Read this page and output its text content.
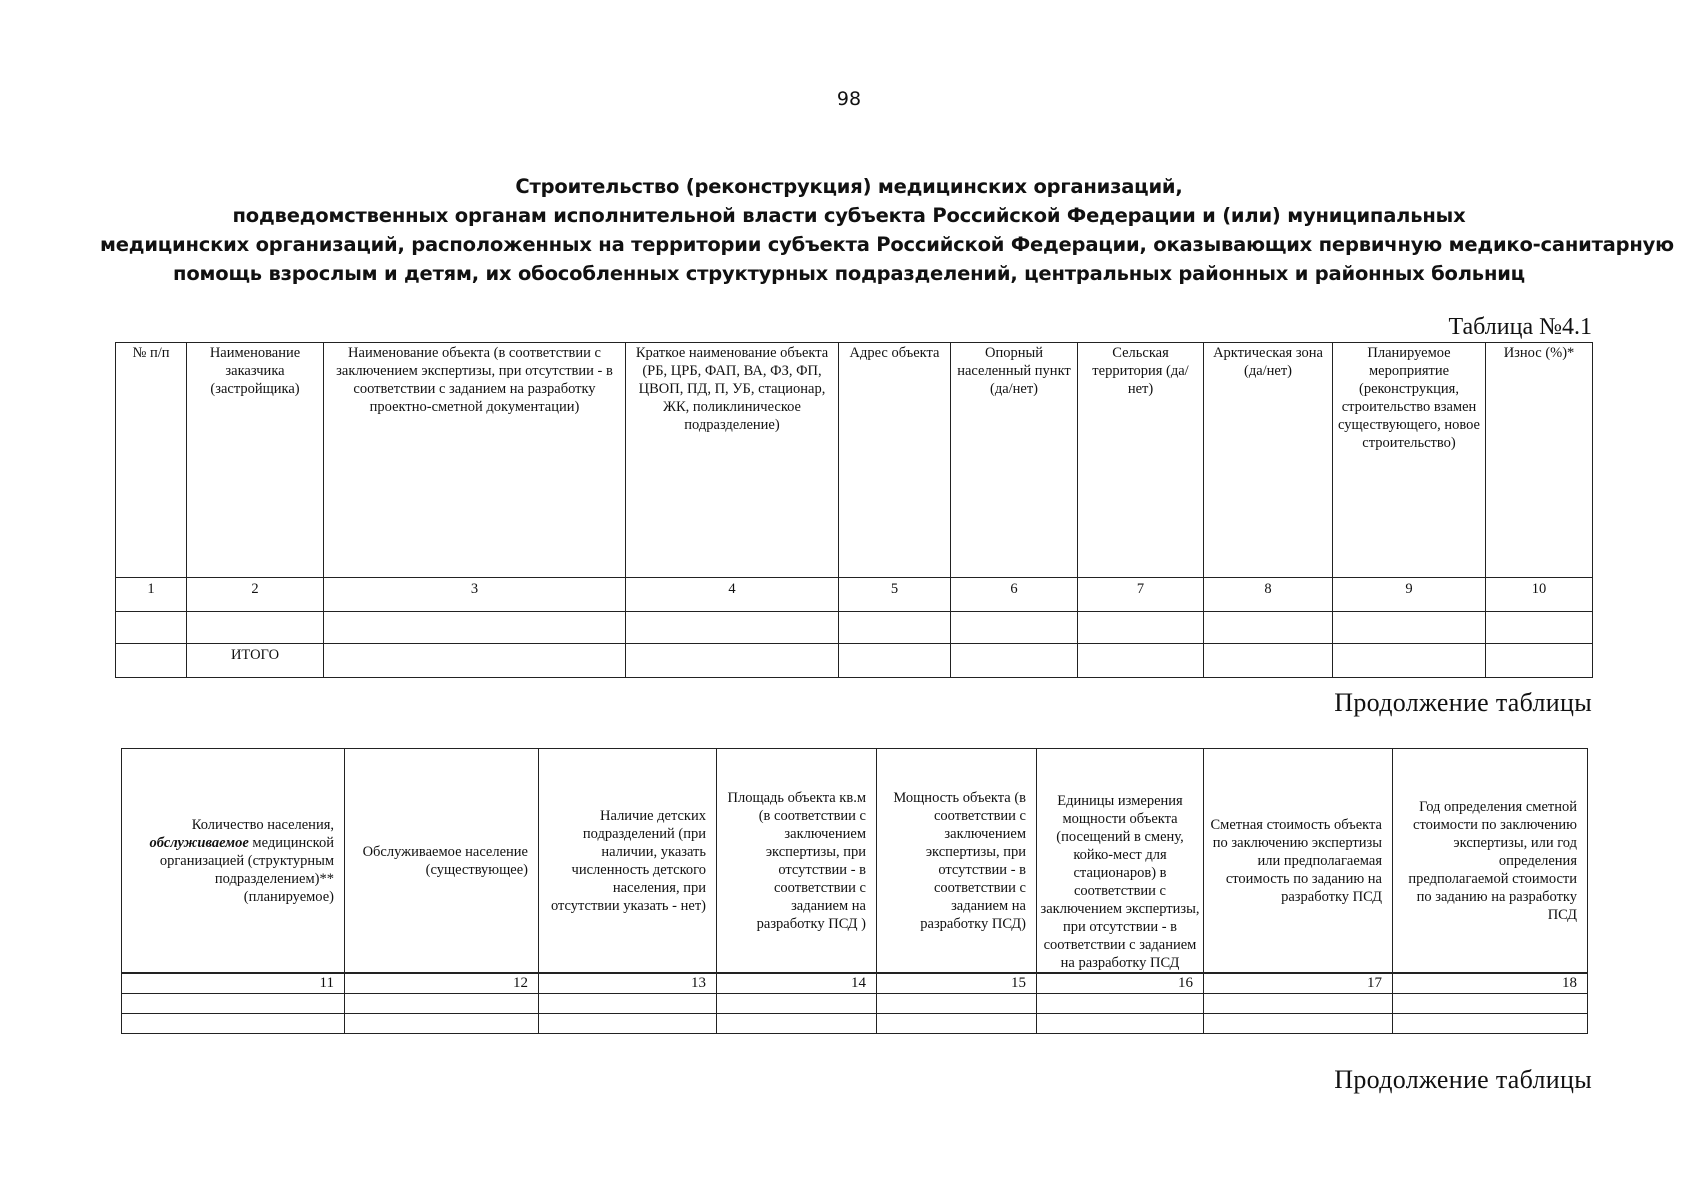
98
Строительство (реконструкция) медицинских организаций,
подведомственных органам исполнительной власти субъекта Российской Федерации и (или) муниципальных
медицинских организаций, расположенных на территории субъекта Российской Федерации, оказывающих первичную медико-санитарную
помощь взрослым и детям, их обособленных структурных подразделений, центральных районных и районных больниц
Таблица №4.1
№ п/п	Наименование заказчика (застройщика)	Наименование объекта (в соответствии с заключением экспертизы, при отсутствии - в соответствии с заданием на разработку проектно-сметной документации)	Краткое наименование объекта (РБ, ЦРБ, ФАП, ВА, ФЗ, ФП, ЦВОП, ПД, П, УБ, стационар, ЖК, поликлиническое подразделение)	Адрес объекта	Опорный населенный пункт (да/нет)	Сельская территория (да/нет)	Арктическая зона (да/нет)	Планируемое мероприятие (реконструкция, строительство взамен существующего, новое строительство)	Износ (%)*
1	2	3	4	5	6	7	8	9	10

	ИТОГО								
Продолжение таблицы
Количество населения,
обслуживаемое медицинской организацией (структурным подразделением)** (планируемое)	Обслуживаемое население (существующее)	Наличие детских подразделений (при наличии, указать численность детского населения, при отсутствии указать - нет)	Площадь объекта кв.м (в соответствии с заключением экспертизы, при отсутствии - в соответствии с заданием на разработку ПСД )	Мощность объекта (в соответствии с заключением экспертизы, при отсутствии - в соответствии с заданием на разработку ПСД)	Единицы измерения мощности объекта (посещений в смену, койко-мест для стационаров) в соответствии с заключением экспертизы, при отсутствии - в соответствии с заданием на разработку ПСД	Сметная стоимость объекта по заключению экспертизы или предполагаемая стоимость по заданию на разработку ПСД	Год определения сметной стоимости по заключению экспертизы, или год определения предполагаемой стоимости по заданию на разработку ПСД
11	12	13	14	15	16	17	18

Продолжение таблицы
